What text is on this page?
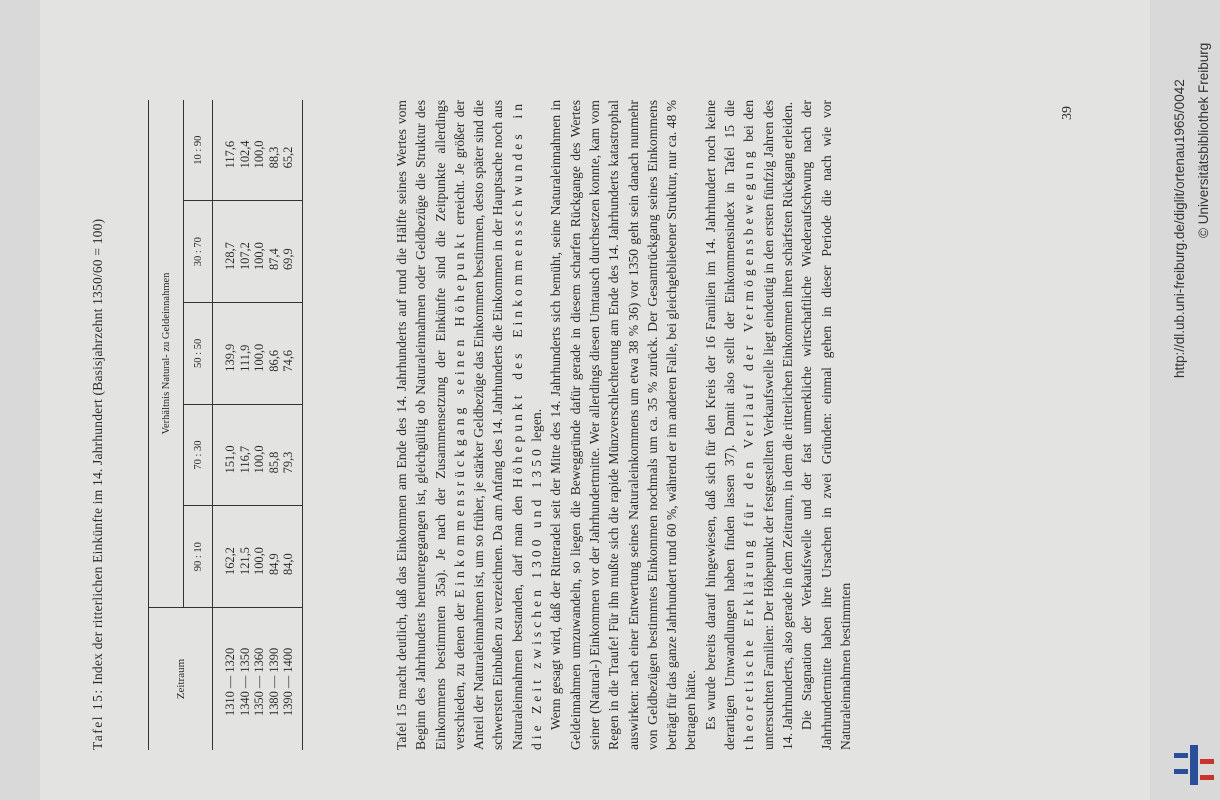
Tafel 15: Index der ritterlichen Einkünfte im 14. Jahrhundert (Basisjahrzehnt 1350/60 = 100)	Zeitraum	Verhältnis Natural- zu Geldeinnahmen				
	90 : 10	70 : 30	50 : 50	30 : 70	10 : 90
1310 — 1320	162,2	151,0	139,9	128,7	117,6
1340 — 1350	121,5	116,7	111,9	107,2	102,4
1350 — 1360	100,0	100,0	100,0	100,0	100,0
1380 — 1390	84,9	85,8	86,6	87,4	88,3
1390 — 1400	84,0	79,3	74,6	69,9	65,2	Tafel 15 macht deutlich, daß das Einkommen am Ende des 14. Jahrhunderts auf rund die Hälfte seines Wertes vom Beginn des Jahrhunderts heruntergegangen ist, gleichgültig ob Naturaleinnahmen oder Geldbezüge die Struktur des Einkommens bestimmten 35a). Je nach der Zusammensetzung der Einkünfte sind die Zeitpunkte allerdings verschieden, zu denen der Einkommensrückgang seinen Höhepunkt erreicht. Je größer der Anteil der Naturaleinnahmen ist, um so früher, je stärker Geldbezüge das Einkommen bestimmen, desto später sind die schwersten Einbußen zu verzeichnen. Da am Anfang des 14. Jahrhunderts die Einkommen in der Hauptsache noch aus Naturaleinnahmen bestanden, darf man den Höhepunkt des Einkommensschwundes in die Zeit zwischen 1300 und 1350 legen. Wenn gesagt wird, daß der Ritteradel seit der Mitte des 14. Jahrhunderts sich bemüht, seine Naturaleinnahmen in Geldeinnahmen umzuwandeln, so liegen die Beweggründe dafür gerade in diesem scharfen Rückgange des Wertes seiner (Natural-) Einkommen vor der Jahrhundertmitte. Wer allerdings diesen Umtausch durchsetzen konnte, kam vom Regen in die Traufe! Für ihn mußte sich die rapide Münzverschlechterung am Ende des 14. Jahrhunderts katastrophal auswirken: nach einer Entwertung seines Naturaleinkommens um etwa 38 % 36) vor 1350 geht sein danach nunmehr von Geldbezügen bestimmtes Einkommen nochmals um ca. 35 % zurück. Der Gesamtrückgang seines Einkommens beträgt für das ganze Jahrhundert rund 60 %, während er im anderen Falle, bei gleichgebliebener Struktur, nur ca. 48 % betragen hätte. Es wurde bereits darauf hingewiesen, daß sich für den Kreis der 16 Familien im 14. Jahrhundert noch keine derartigen Umwandlungen haben finden lassen 37). Damit also stellt der Einkommensindex in Tafel 15 die theoretische Erklärung für den Verlauf der Vermögensbewegung bei den untersuchten Familien: Der Höhepunkt der festgestellten Verkaufswelle liegt eindeutig in den ersten fünfzig Jahren des 14. Jahrhunderts, also gerade in dem Zeitraum, in dem die ritterlichen Einkommen ihren schärfsten Rückgang erleiden. Die Stagnation der Verkaufswelle und der fast unmerkliche wirtschaftliche Wiederaufschwung nach der Jahrhundertmitte haben ihre Ursachen in zwei Gründen: einmal gehen in dieser Periode die nach wie vor Naturaleinnahmen bestimmten

39	http://dl.ub.uni-freiburg.de/diglit/ortenau1965/0042 © Universitätsbibliothek Freiburg
